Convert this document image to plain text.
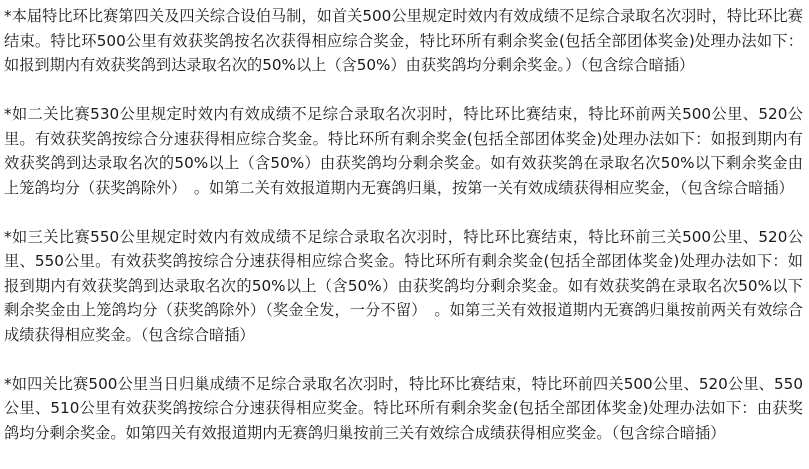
*本届特比环比赛第四关及四关综合设伯马制，如首关500公里规定时效内有效成绩不足综合录取名次羽时，特比环比赛结束。特比环500公里有效获奖鸽按名次获得相应综合奖金，特比环所有剩余奖金(包括全部团体奖金)处理办法如下：如报到期内有效获奖鸽到达录取名次的50%以上（含50%）由获奖鸽均分剩余奖金。）（包含综合暗插）

*如二关比赛530公里规定时效内有效成绩不足综合录取名次羽时，特比环比赛结束，特比环前两关500公里、520公里。有效获奖鸽按综合分速获得相应综合奖金。特比环所有剩余奖金(包括全部团体奖金)处理办法如下：如报到期内有效获奖鸽到达录取名次的50%以上（含50%）由获奖鸽均分剩余奖金。如有效获奖鸽在录取名次50%以下剩余奖金由上笼鸽均分（获奖鸽除外）　。如第二关有效报道期内无赛鸽归巢，按第一关有效成绩获得相应奖金，（包含综合暗插）

*如三关比赛550公里规定时效内有效成绩不足综合录取名次羽时，特比环比赛结束，特比环前三关500公里、520公里、550公里。有效获奖鸽按综合分速获得相应综合奖金。特比环所有剩余奖金(包括全部团体奖金)处理办法如下：如报到期内有效获奖鸽到达录取名次的50%以上（含50%）由获奖鸽均分剩余奖金。如有效获奖鸽在录取名次50%以下剩余奖金由上笼鸽均分（获奖鸽除外）（奖金全发，一分不留）　。如第三关有效报道期内无赛鸽归巢按前两关有效综合成绩获得相应奖金。（包含综合暗插）

*如四关比赛500公里当日归巢成绩不足综合录取名次羽时，特比环比赛结束，特比环前四关500公里、520公里、550公里、510公里有效获奖鸽按综合分速获得相应奖金。特比环所有剩余奖金(包括全部团体奖金)处理办法如下：由获奖鸽均分剩余奖金。如第四关有效报道期内无赛鸽归巢按前三关有效综合成绩获得相应奖金。（包含综合暗插）
